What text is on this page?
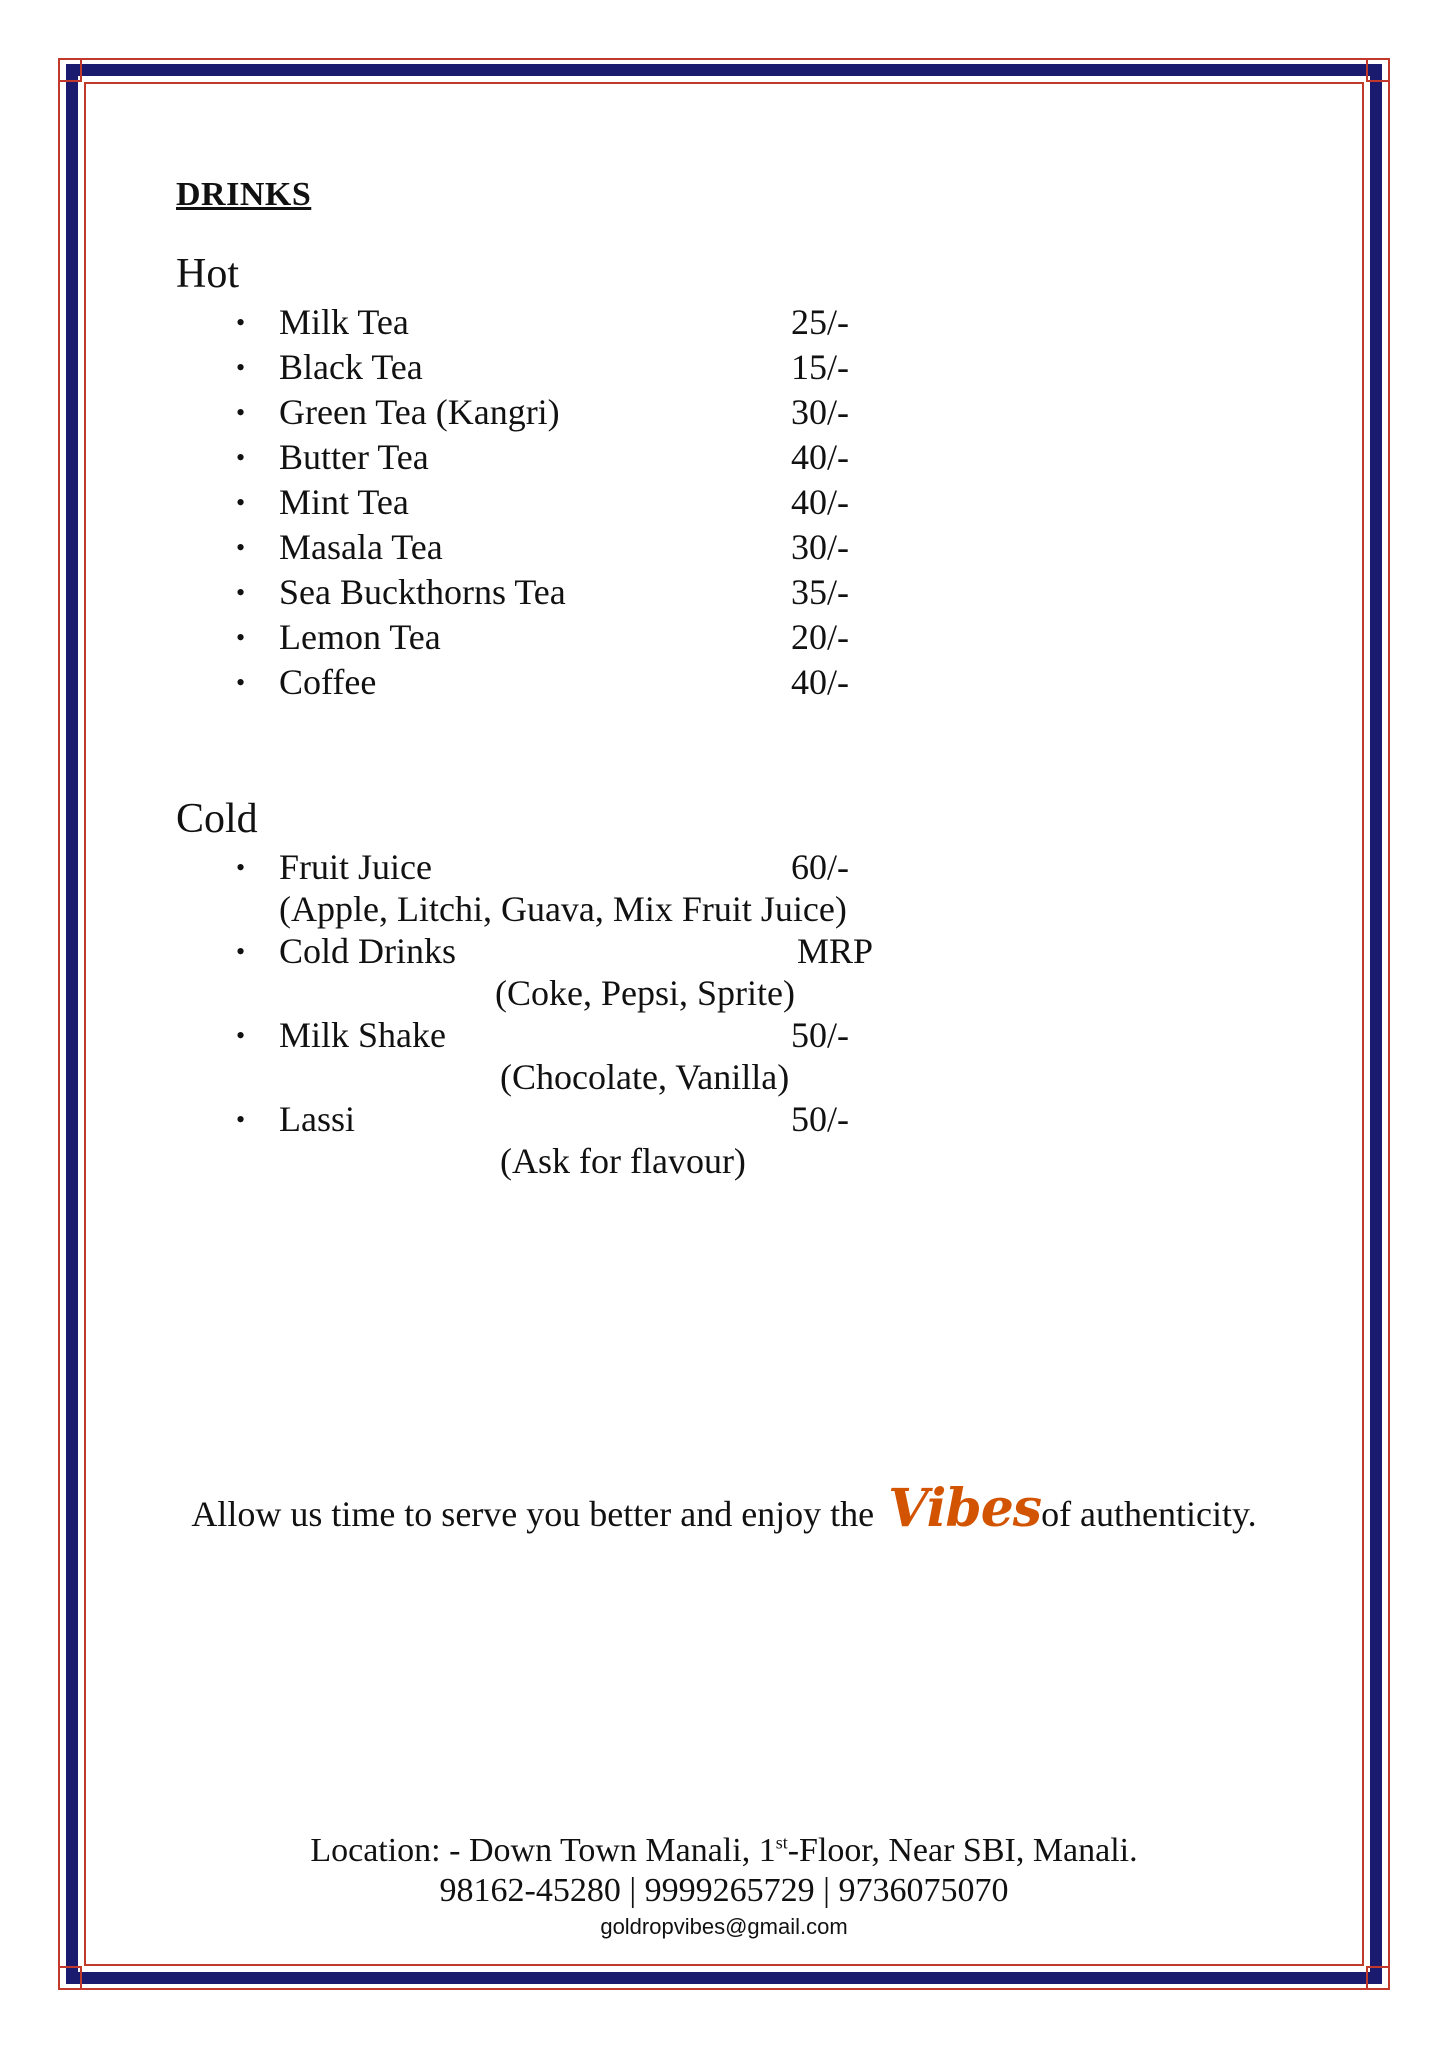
DRINKS
Hot
• Milk Tea	25/-
• Black Tea	15/-
• Green Tea (Kangri)	30/-
• Butter Tea	40/-
• Mint Tea	40/-
• Masala Tea	30/-
• Sea Buckthorns Tea	35/-
• Lemon Tea	20/-
• Coffee	40/-
Cold
• Fruit Juice	60/-
(Apple, Litchi, Guava, Mix Fruit Juice)
• Cold Drinks	MRP
(Coke, Pepsi, Sprite)
• Milk Shake	50/-
(Chocolate, Vanilla)
• Lassi	50/-
(Ask for flavour)
Allow us time to serve you better and enjoy the Vibesof authenticity.
Location: - Down Town Manali, 1st-Floor, Near SBI, Manali.
98162-45280 | 9999265729 | 9736075070
goldropvibes@gmail.com
